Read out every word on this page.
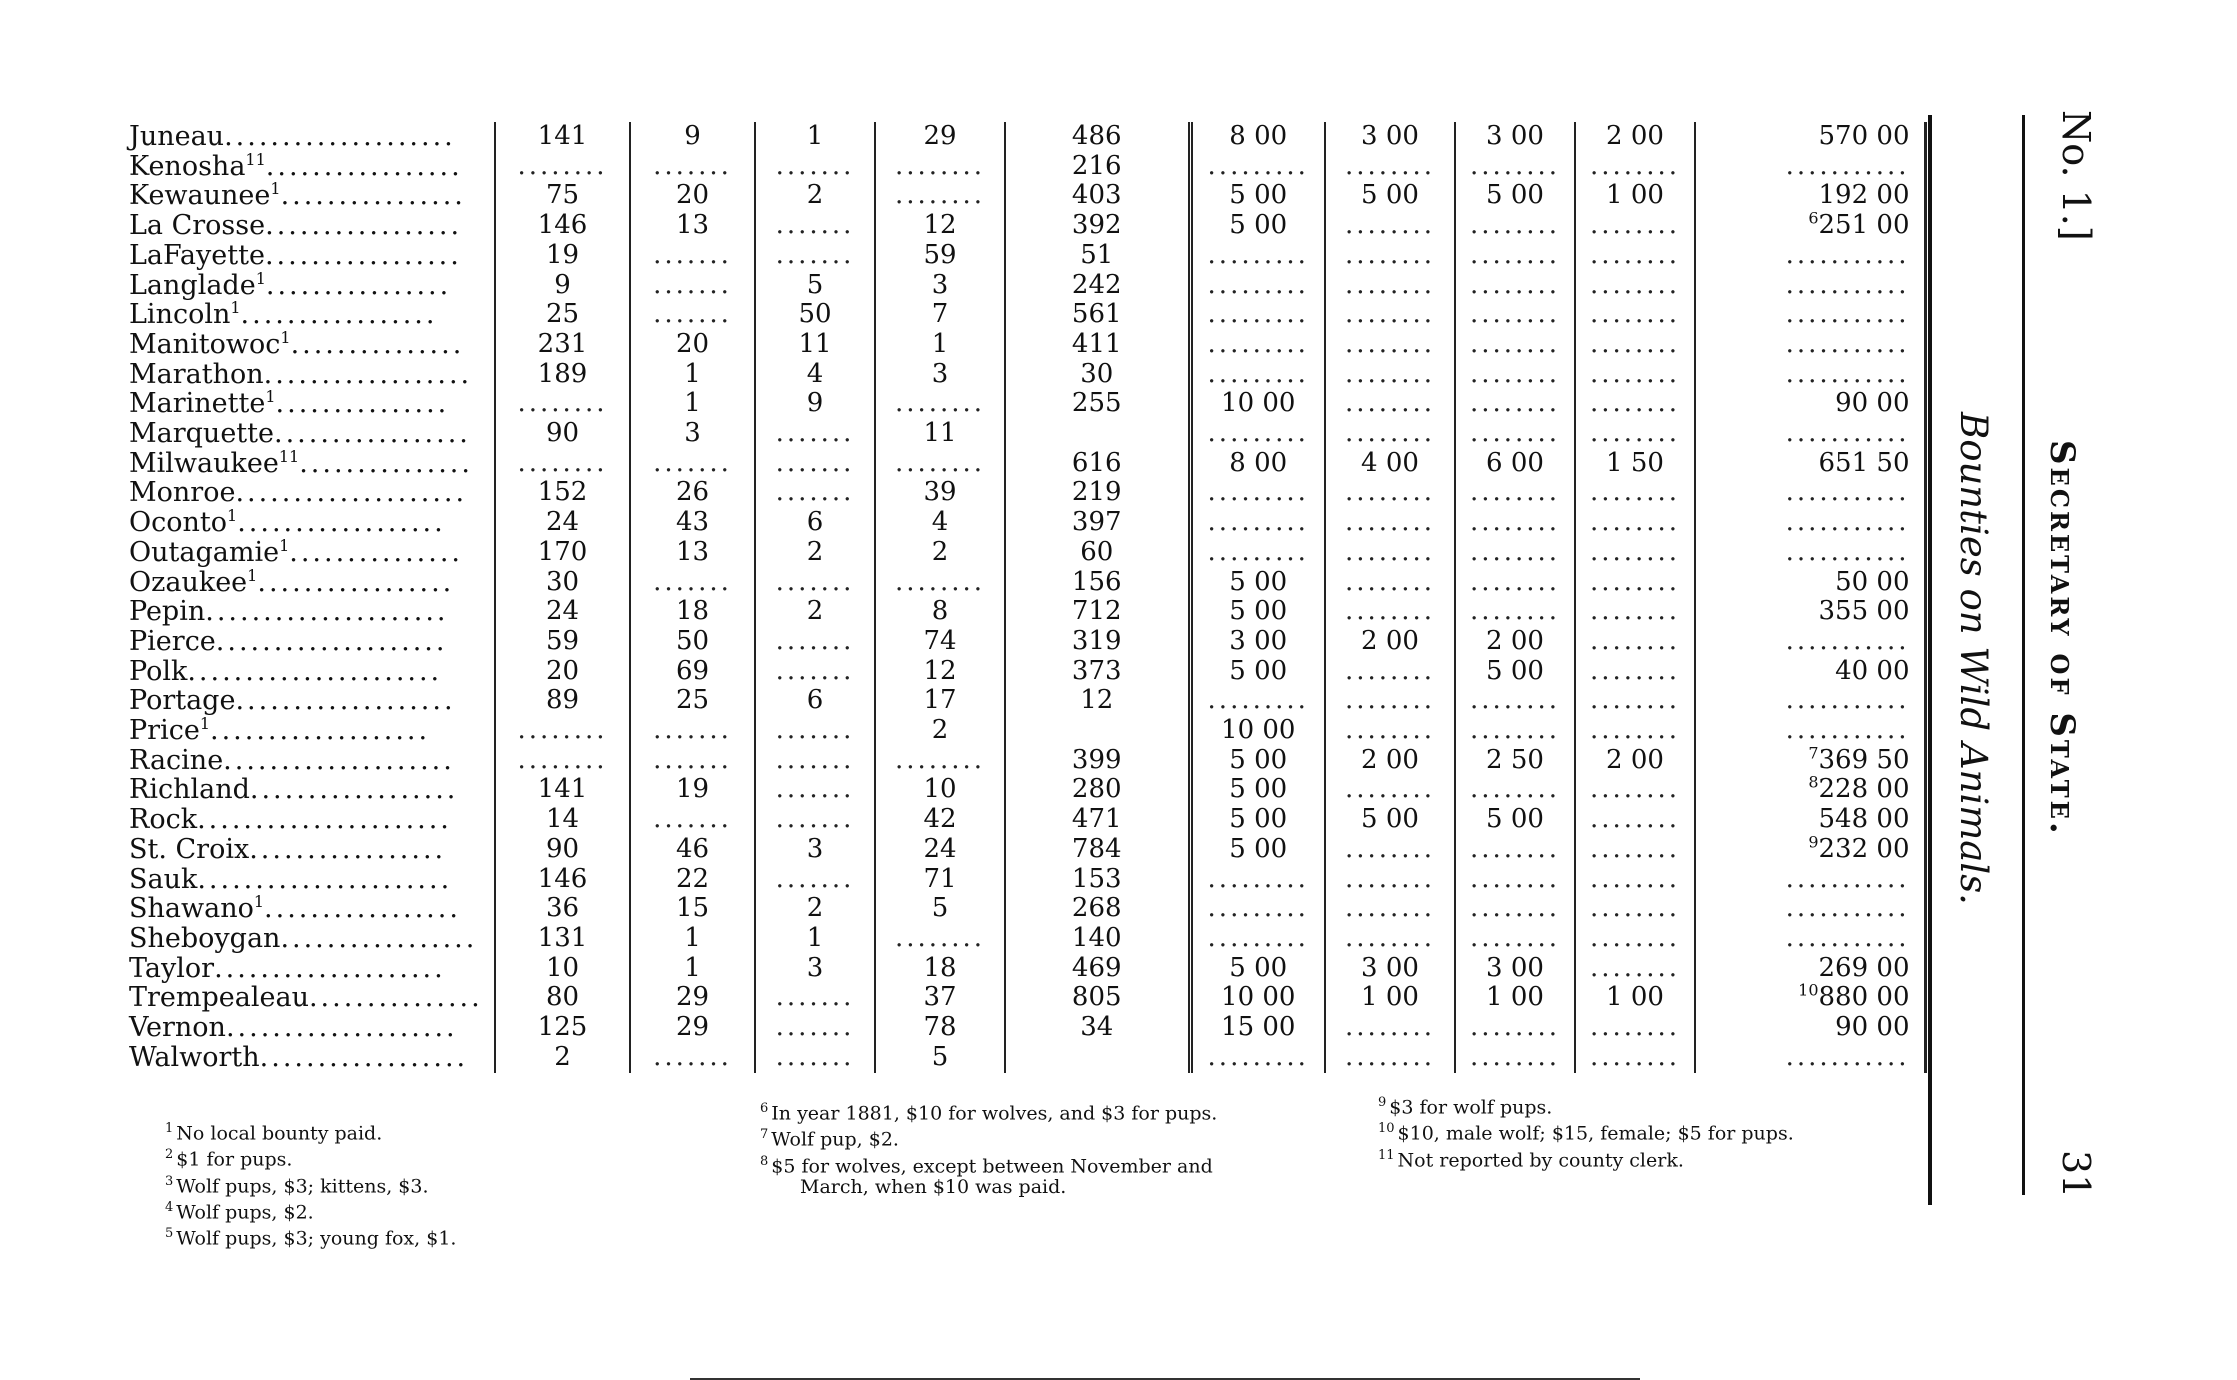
Juneau....................	141	9	1	29	486	8 00	3 00	3 00	2 00	570 00
Kenosha$^{11}$.................	........	.......	.......	........	216	.........	........	........	........	...........
Kewaunee$^1$................	75	20	2	........	403	5 00	5 00	5 00	1 00	192 00
La Crosse.................	146	13	.......	12	392	5 00	........	........	........	$^6$251 00
LaFayette.................	19	.......	.......	59	51	.........	........	........	........	...........
Langlade$^1$................	9	.......	5	3	242	.........	........	........	........	...........
Lincoln$^1$.................	25	.......	50	7	561	.........	........	........	........	...........
Manitowoc$^1$...............	231	20	11	1	411	.........	........	........	........	...........
Marathon..................	189	1	4	3	30	.........	........	........	........	...........
Marinette$^1$...............	........	1	9	........	255	10 00	........	........	........	90 00
Marquette.................	90	3	.......	11		.........	........	........	........	...........
Milwaukee$^{11}$...............	........	.......	.......	........	616	8 00	4 00	6 00	1 50	651 50
Monroe....................	152	26	.......	39	219	.........	........	........	........	...........
Oconto$^1$..................	24	43	6	4	397	.........	........	........	........	...........
Outagamie$^1$...............	170	13	2	2	60	.........	........	........	........	...........
Ozaukee$^1$.................	30	.......	.......	........	156	5 00	........	........	........	50 00
Pepin.....................	24	18	2	8	712	5 00	........	........	........	355 00
Pierce....................	59	50	.......	74	319	3 00	2 00	2 00	........	...........
Polk......................	20	69	.......	12	373	5 00	........	5 00	........	40 00
Portage...................	89	25	6	17	12	.........	........	........	........	...........
Price$^1$...................	........	.......	.......	2		10 00	........	........	........	...........
Racine....................	........	.......	.......	........	399	5 00	2 00	2 50	2 00	$^7$369 50
Richland..................	141	19	.......	10	280	5 00	........	........	........	$^8$228 00
Rock......................	14	.......	.......	42	471	5 00	5 00	5 00	........	548 00
St. Croix.................	90	46	3	24	784	5 00	........	........	........	$^9$232 00
Sauk......................	146	22	.......	71	153	.........	........	........	........	...........
Shawano$^1$.................	36	15	2	5	268	.........	........	........	........	...........
Sheboygan.................	131	1	1	........	140	.........	........	........	........	...........
Taylor....................	10	1	3	18	469	5 00	3 00	3 00	........	269 00
Trempealeau...............	80	29	.......	37	805	10 00	1 00	1 00	1 00	$^{10}$880 00
Vernon....................	125	29	.......	78	34	15 00	........	........	........	90 00
Walworth..................	2	.......	.......	5		.........	........	........	........	...........
$^1$ No local bounty paid.
$^2$ $1 for pups.
$^3$ Wolf pups, $3; kittens, $3.
$^4$ Wolf pups, $2.
$^5$ Wolf pups, $3; young fox, $1.
$^6$ In year 1881, $10 for wolves, and $3 for pups.
$^7$ Wolf pup, $2.
$^8$ $5 for wolves, except between November and
March, when $10 was paid.
$^9$ $3 for wolf pups.
$^{10}$ $10, male wolf; $15, female; $5 for pups.
$^{11}$ Not reported by county clerk.
No. 1.]
Secretary of State.
Bounties on Wild Animals.
31
